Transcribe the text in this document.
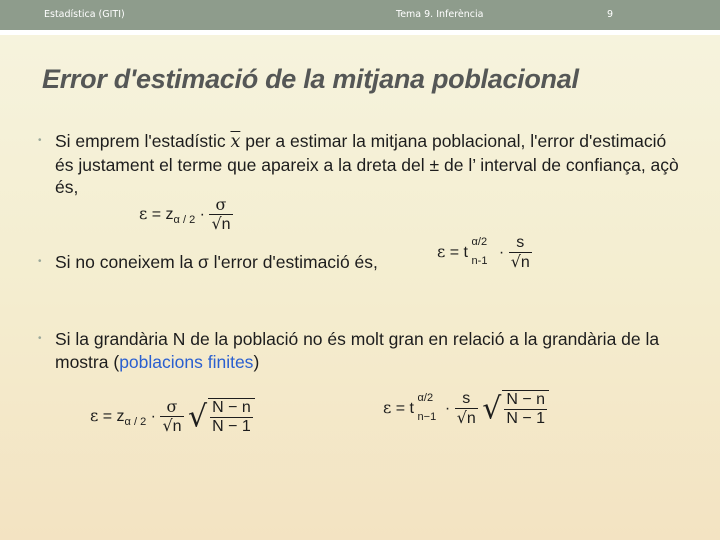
Estadística (GITI)	Tema 9. Inferència	9
Error d'estimació de la mitjana poblacional
• Si emprem l'estadístic $\overline{x}$ per a estimar la mitjana poblacional, l'error d'estimació és justament el terme que apareix a la dreta del ± de l’ interval de confiança, açò és,
$\varepsilon = z_{\alpha / 2} \cdot \frac{\sigma}{√n}$
• Si no coneixem la σ l'error d'estimació és,
ε = t
α/2
$n-1 \cdot \frac{s}{√n}$
• Si la grandària N de la població no és molt gran en relació a la grandària de la mostra (poblacions finites)
$\varepsilon = z_{\alpha / 2} \cdot \frac{\sigma}{√n}$ √ $\frac{N - n}{N - 1}$	ε = t
α/2
$n-1 \cdot \frac{s}{√n}$ √ $\frac{N - n}{N - 1}$
